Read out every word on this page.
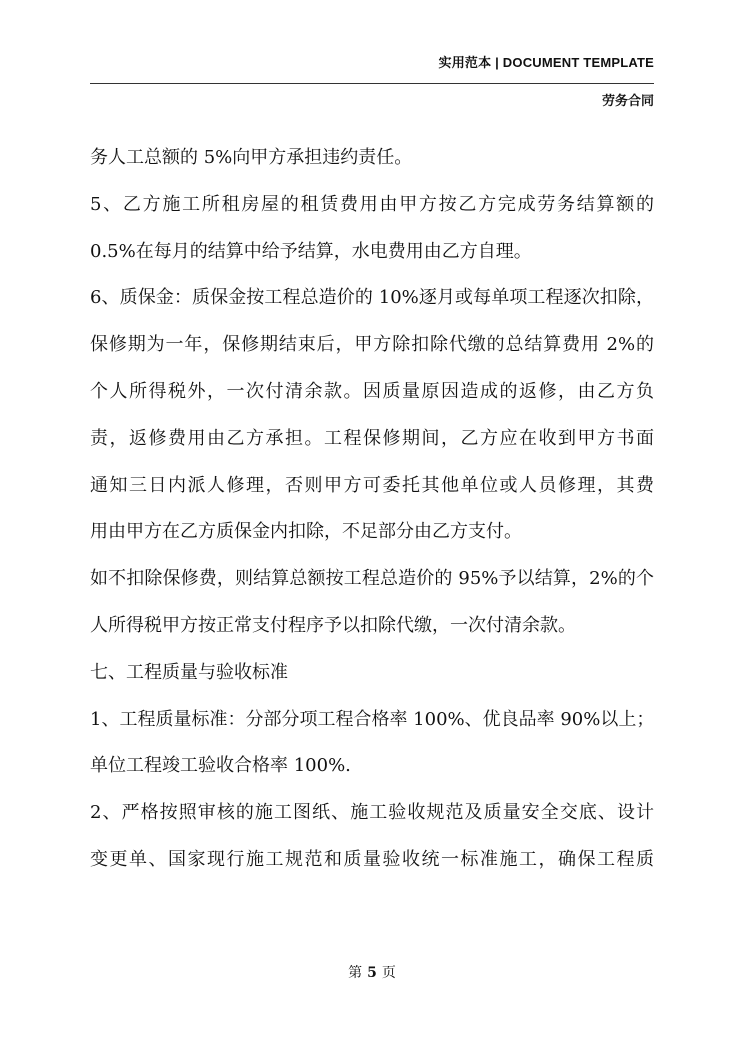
实用范本 | DOCUMENT TEMPLATE
劳务合同
务人工总额的 5%向甲方承担违约责任。
5、乙方施工所租房屋的租赁费用由甲方按乙方完成劳务结算额的
0.5%在每月的结算中给予结算，水电费用由乙方自理。
6、质保金：质保金按工程总造价的 10%逐月或每单项工程逐次扣除，
保修期为一年，保修期结束后，甲方除扣除代缴的总结算费用 2%的
个人所得税外，一次付清余款。因质量原因造成的返修，由乙方负
责，返修费用由乙方承担。工程保修期间，乙方应在收到甲方书面
通知三日内派人修理，否则甲方可委托其他单位或人员修理，其费
用由甲方在乙方质保金内扣除，不足部分由乙方支付。
如不扣除保修费，则结算总额按工程总造价的 95%予以结算，2%的个
人所得税甲方按正常支付程序予以扣除代缴，一次付清余款。
七、工程质量与验收标准
1、工程质量标准：分部分项工程合格率 100%、优良品率 90%以上；
单位工程竣工验收合格率 100%.
2、严格按照审核的施工图纸、施工验收规范及质量安全交底、设计
变更单、国家现行施工规范和质量验收统一标准施工，确保工程质
第 5 页
